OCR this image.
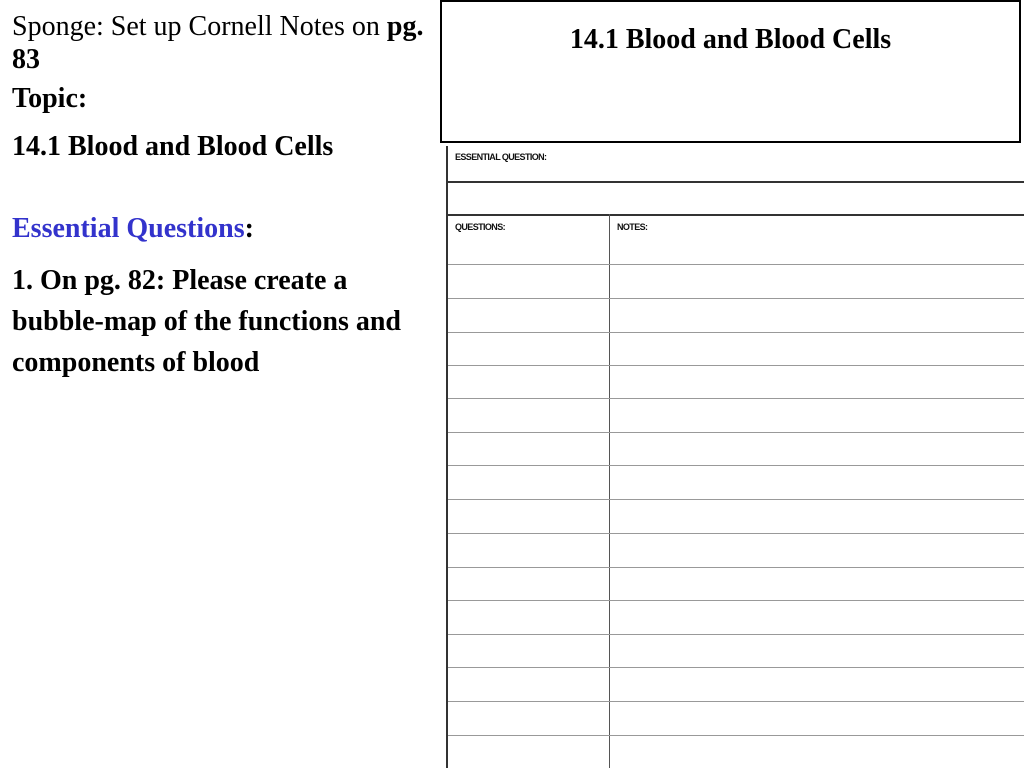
Sponge: Set up Cornell Notes on pg. 83

Topic:
14.1 Blood and Blood Cells
Essential Questions:
1. On pg. 82: Please create a bubble-map of the functions and components of blood
14.1 Blood and Blood Cells
ESSENTIAL QUESTION:
QUESTIONS:	NOTES:
